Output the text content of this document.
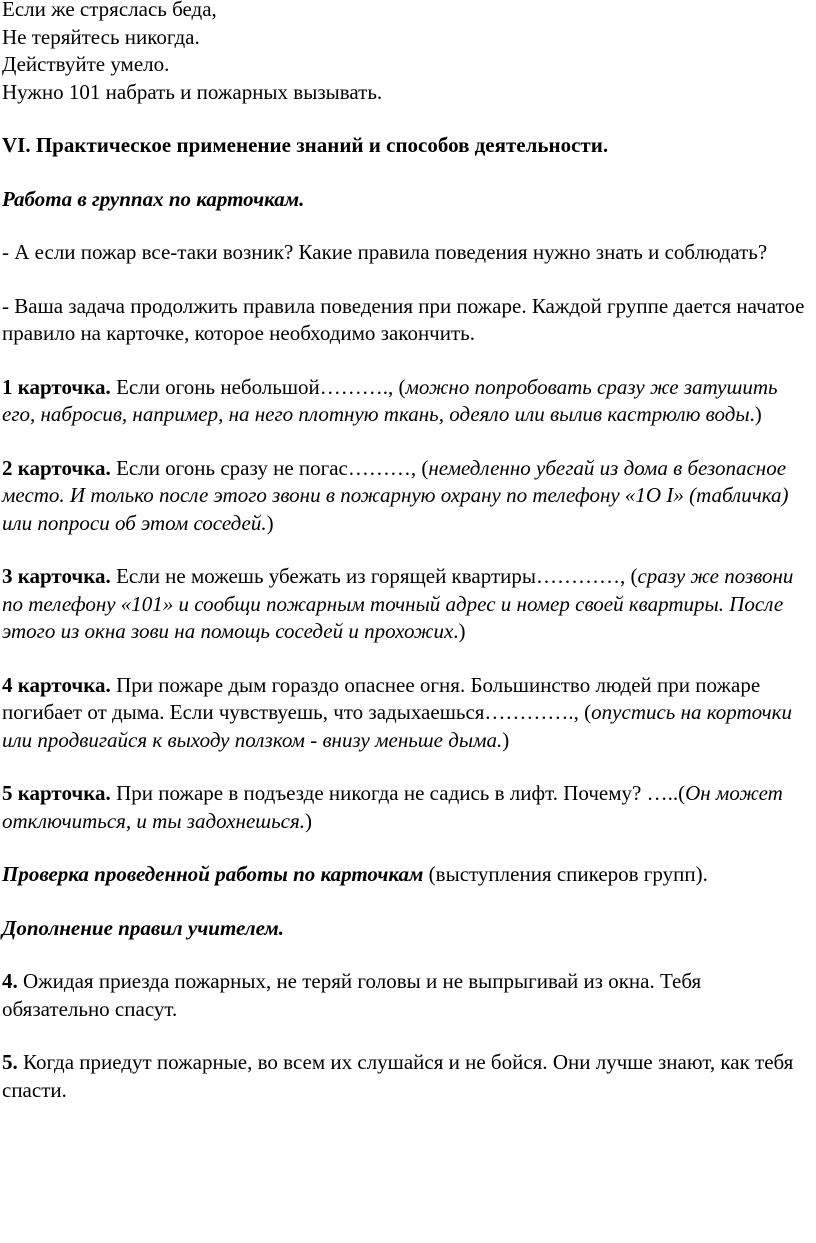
Если же стряслась беда,
Не теряйтесь никогда.
Действуйте умело.
Нужно 101 набрать и пожарных вызывать.

VI. Практическое применение знаний и способов деятельности.

Работа в группах по карточкам.

- А если пожар все-таки возник? Какие правила поведения нужно знать и соблюдать?

- Ваша задача продолжить правила поведения при пожаре. Каждой группе дается начатое правило на карточке, которое необходимо закончить.

1 карточка. Если огонь небольшой………., (можно попробовать сразу же затушить его, набросив, например, на него плотную ткань, одеяло или вылив кастрюлю воды.)

2 карточка. Если огонь сразу не погас………, (немедленно убегай из дома в безопасное место. И только после этого звони в пожарную охрану по телефону «1О I» (табличка) или попроси об этом соседей.)

3 карточка. Если не можешь убежать из горящей квартиры…………, (сразу же позвони по телефону «101» и сообщи пожарным точный адрес и номер своей квартиры. После этого из окна зови на помощь соседей и прохожих.)

4 карточка. При пожаре дым гораздо опаснее огня. Большинство людей при пожаре погибает от дыма. Если чувствуешь, что задыхаешься…………., (опустись на корточки или продвигайся к выходу ползком - внизу меньше дыма.)

5 карточка. При пожаре в подъезде никогда не садись в лифт. Почему? …..(Он может отключиться, и ты задохнешься.)

Проверка проведенной работы по карточкам (выступления спикеров групп).

Дополнение правил учителем.

4. Ожидая приезда пожарных, не теряй головы и не выпрыгивай из окна. Тебя обязательно спасут.

5. Когда приедут пожарные, во всем их слушайся и не бойся. Они лучше знают, как тебя спасти.
